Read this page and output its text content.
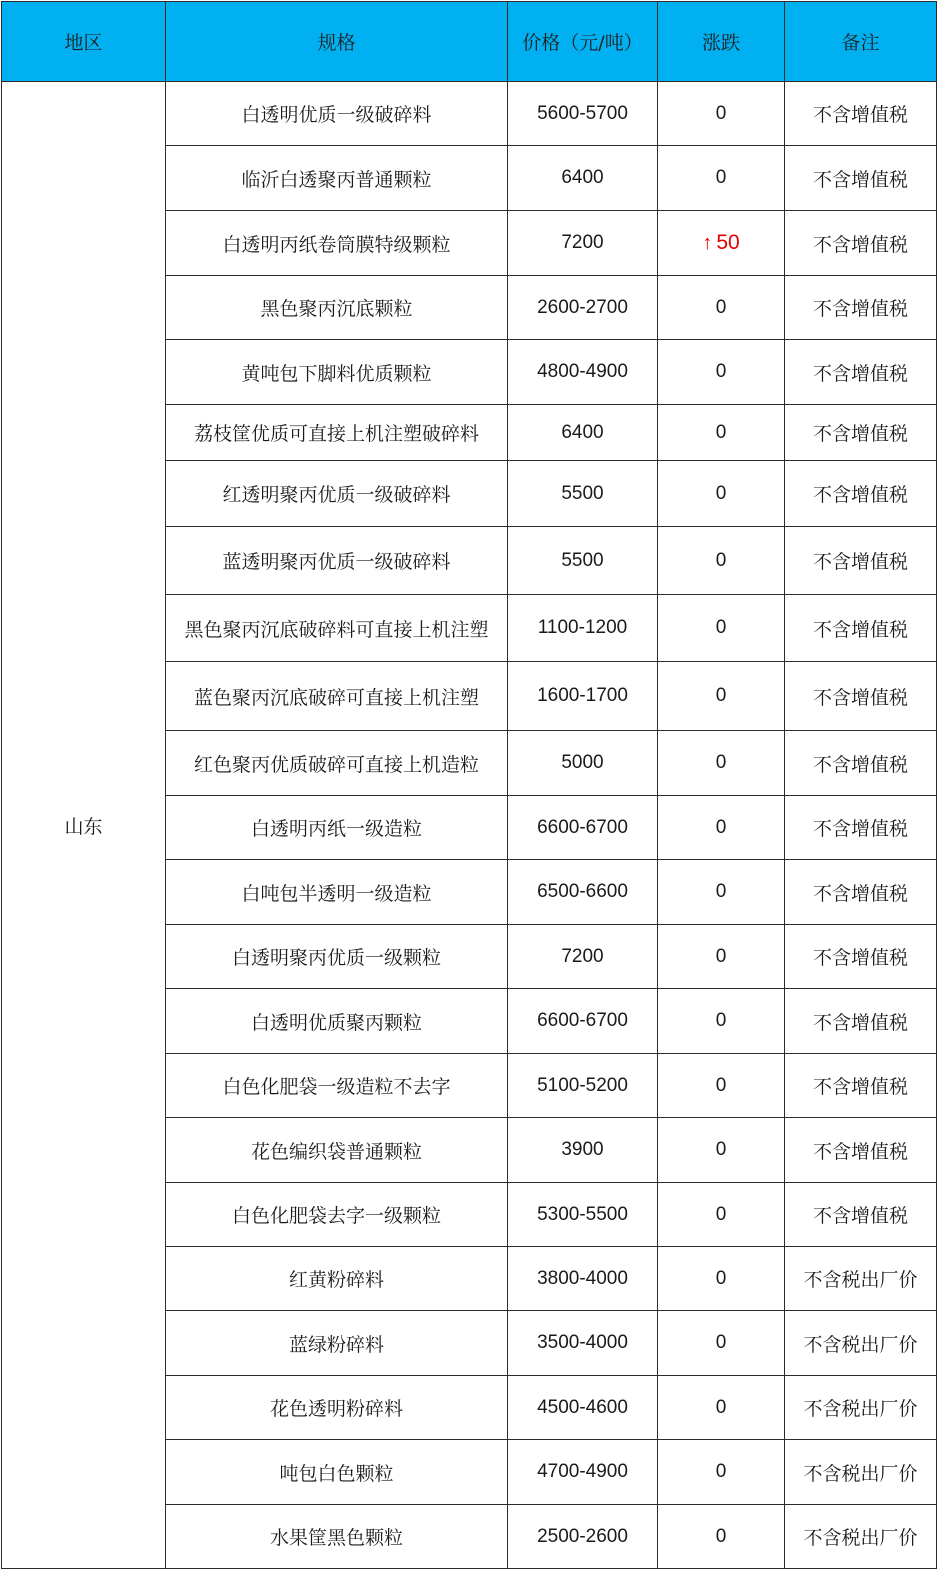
地区	规格	价格（元/吨）	涨跌	备注
山东	白透明优质一级破碎料	5600-5700	0	不含增值税
	临沂白透聚丙普通颗粒	6400	0	不含增值税
	白透明丙纸卷筒膜特级颗粒	7200	↑ 50	不含增值税
	黑色聚丙沉底颗粒	2600-2700	0	不含增值税
	黄吨包下脚料优质颗粒	4800-4900	0	不含增值税
	荔枝筐优质可直接上机注塑破碎料	6400	0	不含增值税
	红透明聚丙优质一级破碎料	5500	0	不含增值税
	蓝透明聚丙优质一级破碎料	5500	0	不含增值税
	黑色聚丙沉底破碎料可直接上机注塑	1100-1200	0	不含增值税
	蓝色聚丙沉底破碎可直接上机注塑	1600-1700	0	不含增值税
	红色聚丙优质破碎可直接上机造粒	5000	0	不含增值税
	白透明丙纸一级造粒	6600-6700	0	不含增值税
	白吨包半透明一级造粒	6500-6600	0	不含增值税
	白透明聚丙优质一级颗粒	7200	0	不含增值税
	白透明优质聚丙颗粒	6600-6700	0	不含增值税
	白色化肥袋一级造粒不去字	5100-5200	0	不含增值税
	花色编织袋普通颗粒	3900	0	不含增值税
	白色化肥袋去字一级颗粒	5300-5500	0	不含增值税
	红黄粉碎料	3800-4000	0	不含税出厂价
	蓝绿粉碎料	3500-4000	0	不含税出厂价
	花色透明粉碎料	4500-4600	0	不含税出厂价
	吨包白色颗粒	4700-4900	0	不含税出厂价
	水果筐黑色颗粒	2500-2600	0	不含税出厂价
